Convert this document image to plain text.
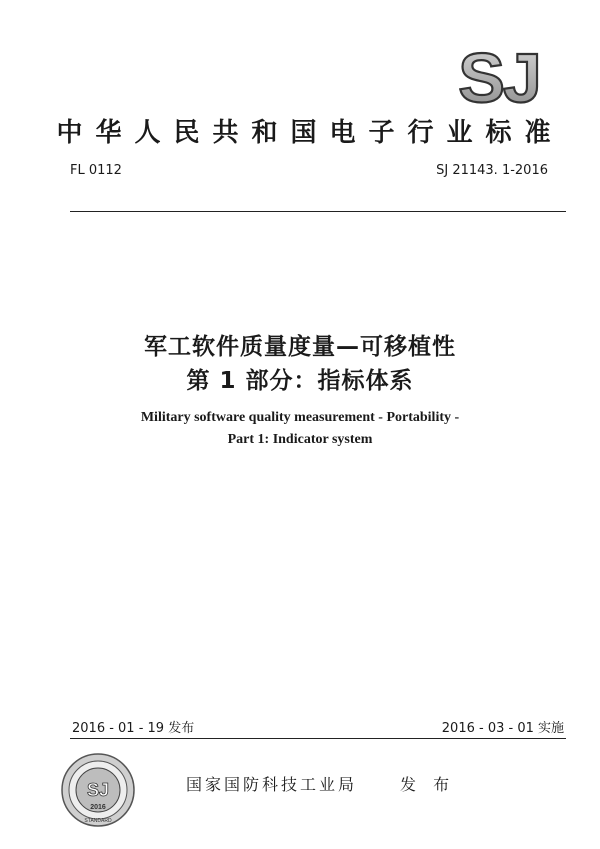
SJ
中华人民共和国电子行业标准
FL 0112	SJ 21143. 1-2016
军工软件质量度量—可移植性
第 1 部分：指标体系
Military software quality measurement - Portability -
Part 1: Indicator system
2016 - 01 - 19 发布	2016 - 03 - 01 实施
SJ
2016
STANDARD
国家国防科技工业局	发 布
